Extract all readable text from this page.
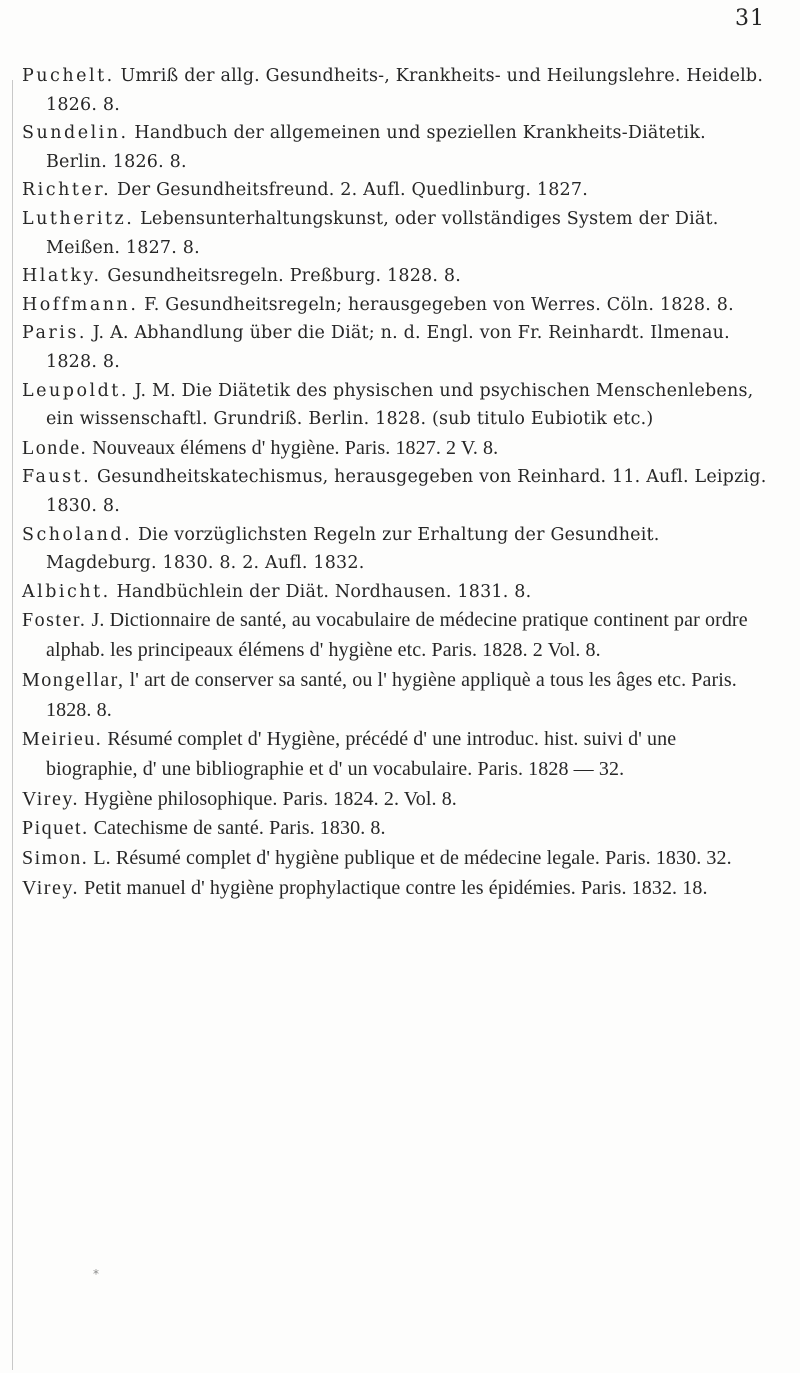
31
Puchelt. Umriß der allg. Gesundheits-, Krankheits- und Heilungslehre. Heidelb. 1826. 8.
Sundelin. Handbuch der allgemeinen und speziellen Krankheits-Diätetik. Berlin. 1826. 8.
Richter. Der Gesundheitsfreund. 2. Aufl. Quedlinburg. 1827.
Lutheritz. Lebensunterhaltungskunst, oder vollständiges System der Diät. Meißen. 1827. 8.
Hlatky. Gesundheitsregeln. Preßburg. 1828. 8.
Hoffmann. F. Gesundheitsregeln; herausgegeben von Werres. Cöln. 1828. 8.
Paris. J. A. Abhandlung über die Diät; n. d. Engl. von Fr. Reinhardt. Ilmenau. 1828. 8.
Leupoldt. J. M. Die Diätetik des physischen und psychischen Menschenlebens, ein wissenschaftl. Grundriß. Berlin. 1828. (sub titulo Eubiotik etc.)
Londe. Nouveaux élémens d' hygiène. Paris. 1827. 2 V. 8.
Faust. Gesundheitskatechismus, herausgegeben von Reinhard. 11. Aufl. Leipzig. 1830. 8.
Scholand. Die vorzüglichsten Regeln zur Erhaltung der Gesundheit. Magdeburg. 1830. 8. 2. Aufl. 1832.
Albicht. Handbüchlein der Diät. Nordhausen. 1831. 8.
Foster. J. Dictionnaire de santé, au vocabulaire de médecine pratique continent par ordre alphab. les principeaux élémens d' hygiène etc. Paris. 1828. 2 Vol. 8.
Mongellar, l' art de conserver sa santé, ou l' hygiène appliquè a tous les âges etc. Paris. 1828. 8.
Meirieu. Résumé complet d' Hygiène, précédé d' une introduc. hist. suivi d' une biographie, d' une bibliographie et d' un vocabulaire. Paris. 1828 — 32.
Virey. Hygiène philosophique. Paris. 1824. 2. Vol. 8.
Piquet. Catechisme de santé. Paris. 1830. 8.
Simon. L. Résumé complet d' hygiène publique et de médecine legale. Paris. 1830. 32.
Virey. Petit manuel d' hygiène prophylactique contre les épidémies. Paris. 1832. 18.
*
